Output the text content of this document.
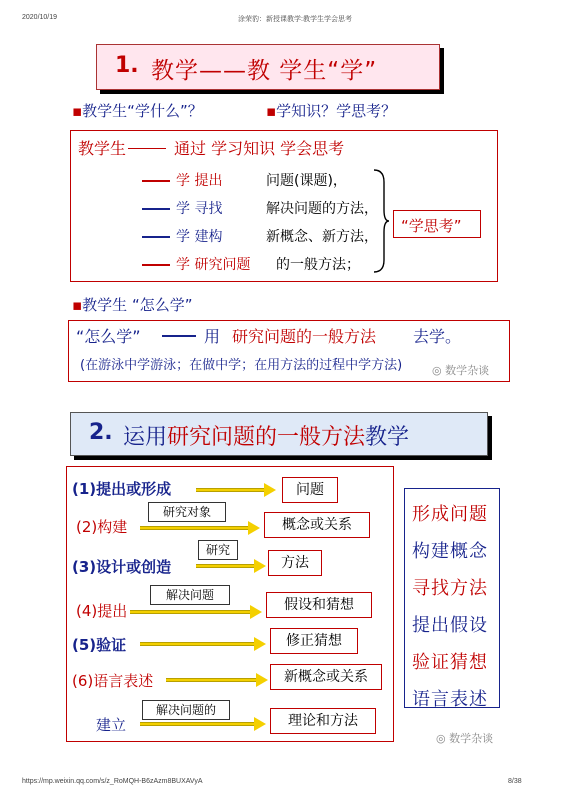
2020/10/19	涂荣豹：新授课教学:教学生学会思考
https://mp.weixin.qq.com/s/z_RoMQH-B6zAzm8BUXAVyA	8/38
1. 教学——教 学生“学”
▪教学生“学什么”？	▪学知识？学思考？
教学生	通过 学习知识 学会思考
学 提出	问题(课题)，
学 寻找	解决问题的方法，
学 建构	新概念、新方法，
学 研究问题 的一般方法；
“学思考”
▪教学生 “怎么学”
“怎么学”	用 研究问题的一般方法 去学。
(在游泳中学游泳；在做中学；在用方法的过程中学方法)	◎ 数学杂谈
2. 运用研究问题的一般方法教学
(1)提出或形成	问题
研究对象
(2)构建	概念或关系
研究
(3)设计或创造	方法
解决问题
(4)提出	假设和猜想
(5)验证	修正猜想
(6)语言表述	新概念或关系
解决问题的
建立	理论和方法
形成问题
构建概念
寻找方法
提出假设
验证猜想
语言表述
◎ 数学杂谈
